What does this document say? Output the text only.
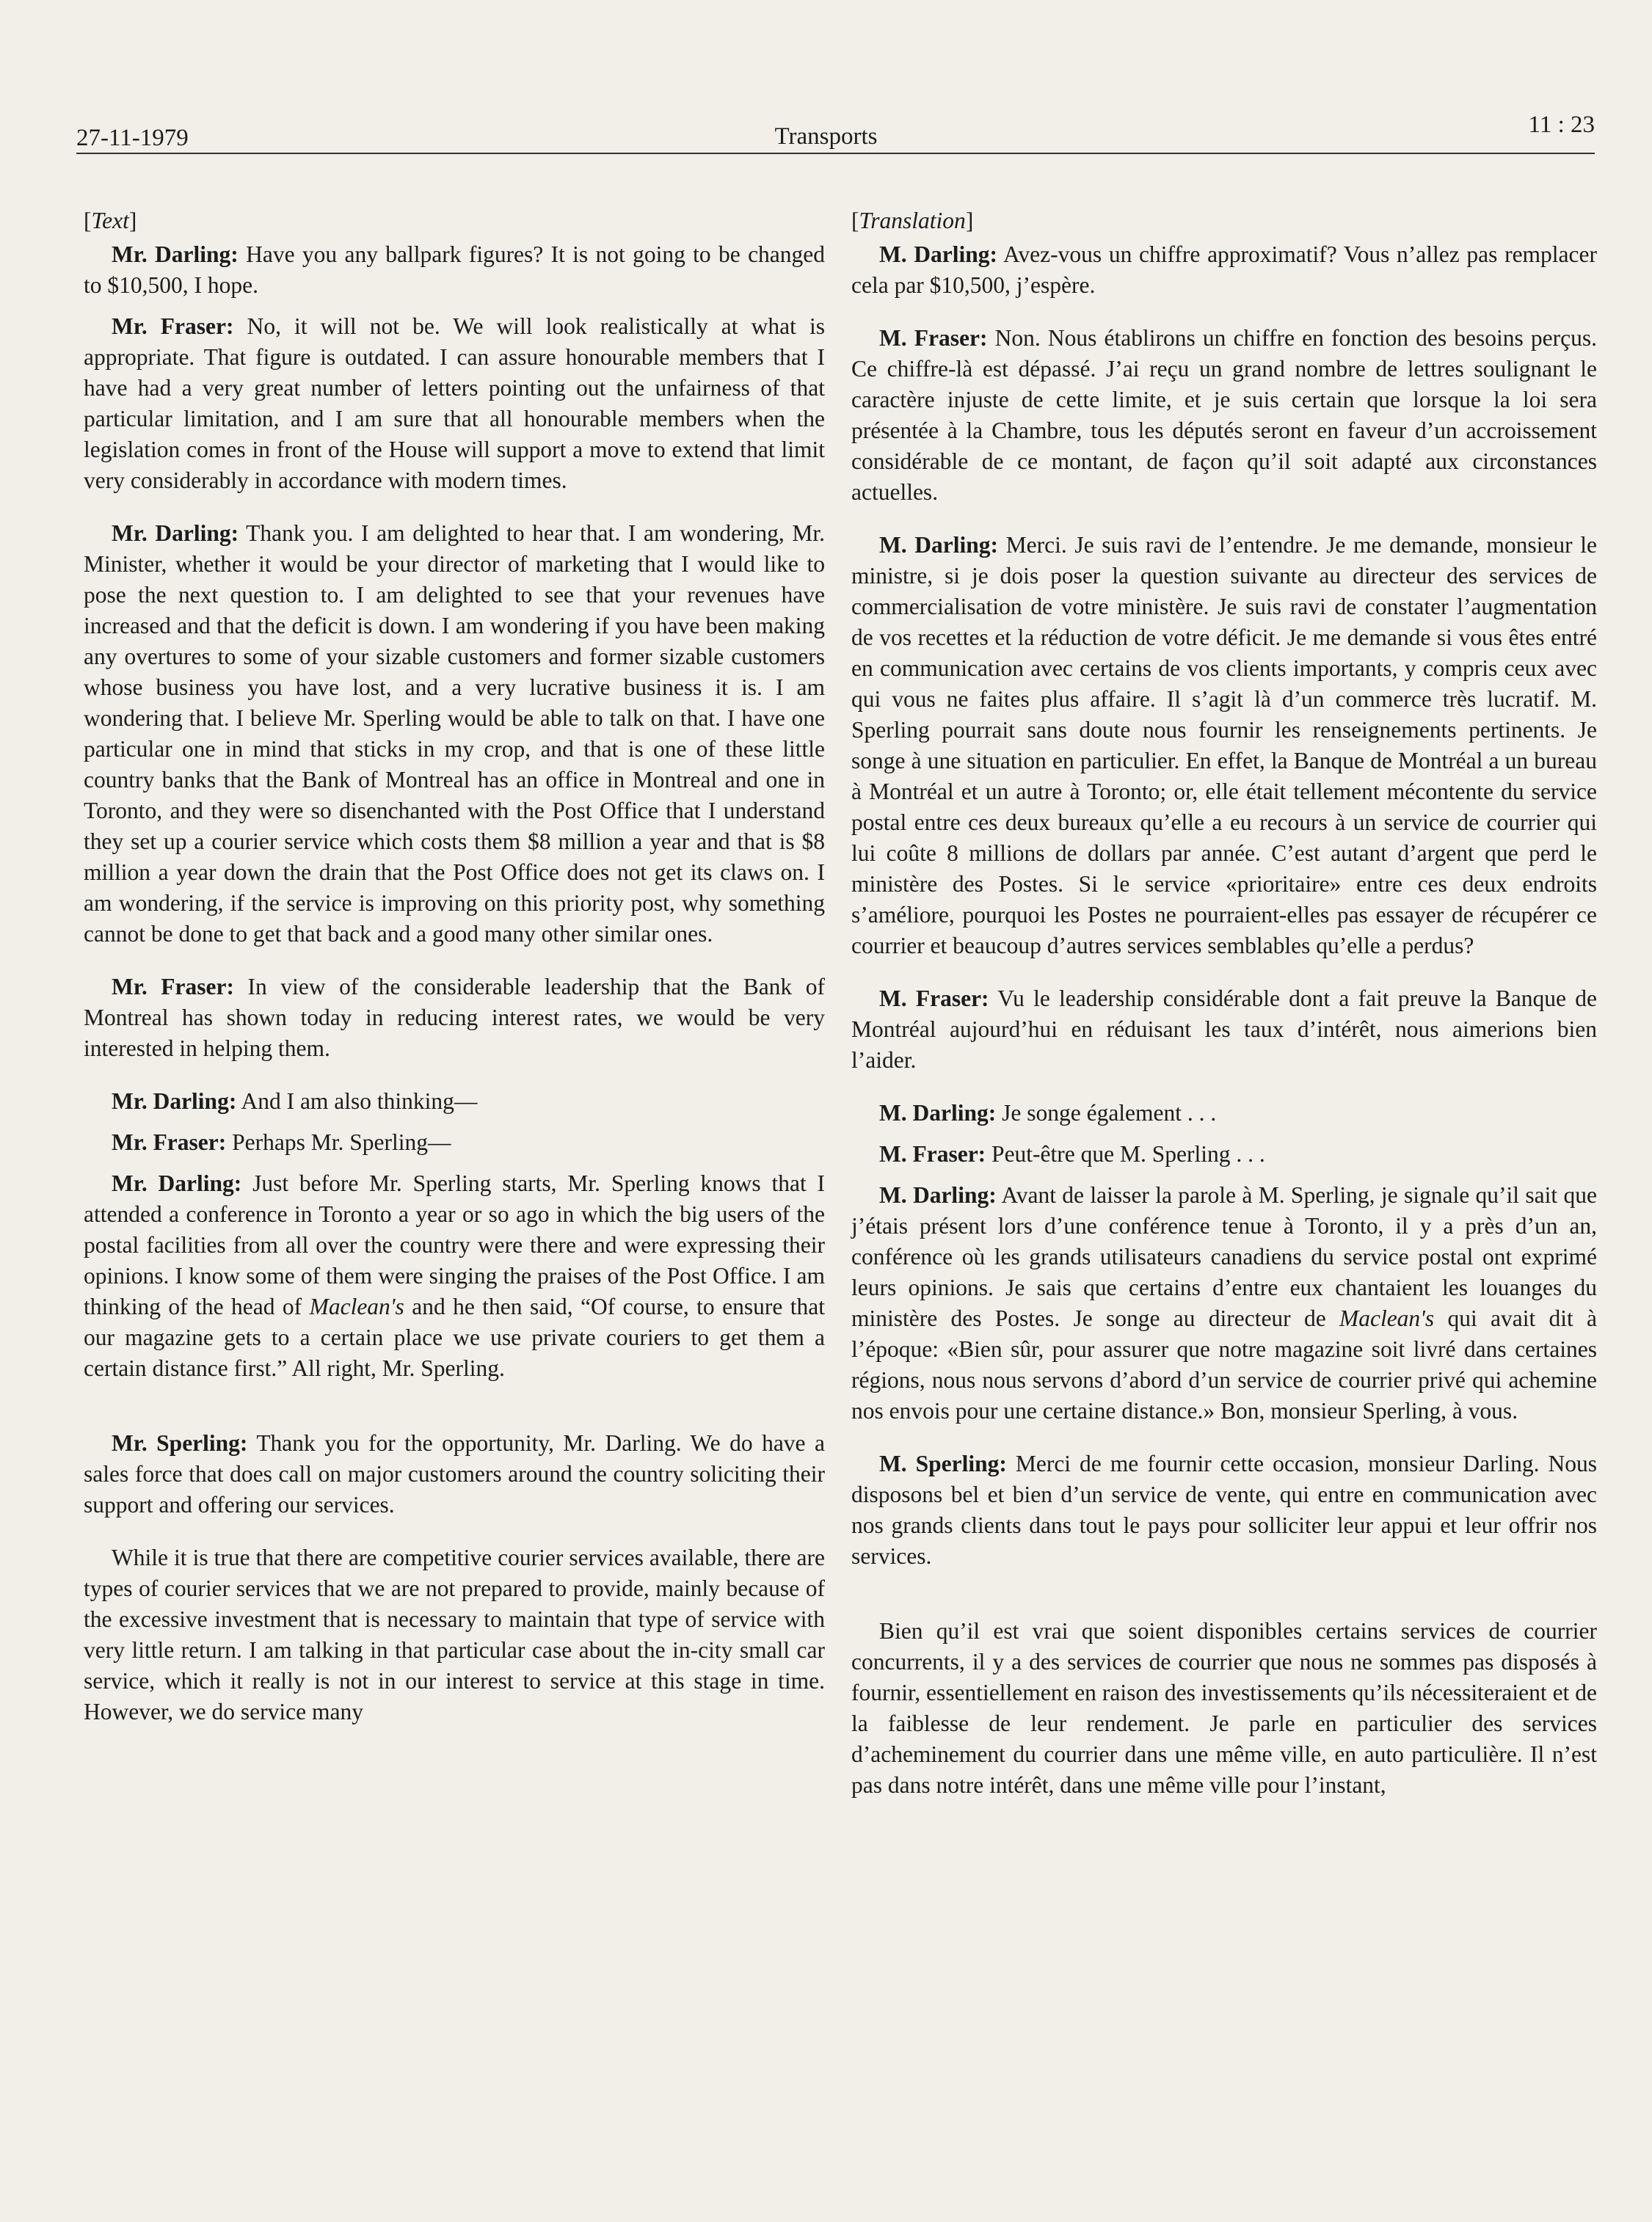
27-11-1979	Transports	11 : 23
[Text]

Mr. Darling: Have you any ballpark figures? It is not going to be changed to $10,500, I hope.

Mr. Fraser: No, it will not be. We will look realistically at what is appropriate. That figure is outdated. I can assure honourable members that I have had a very great number of letters pointing out the unfairness of that particular limitation, and I am sure that all honourable members when the legislation comes in front of the House will support a move to extend that limit very considerably in accordance with modern times.

Mr. Darling: Thank you. I am delighted to hear that. I am wondering, Mr. Minister, whether it would be your director of marketing that I would like to pose the next question to. I am delighted to see that your revenues have increased and that the deficit is down. I am wondering if you have been making any overtures to some of your sizable customers and former sizable customers whose business you have lost, and a very lucrative business it is. I am wondering that. I believe Mr. Sperling would be able to talk on that. I have one particular one in mind that sticks in my crop, and that is one of these little country banks that the Bank of Montreal has an office in Montreal and one in Toronto, and they were so disenchanted with the Post Office that I understand they set up a courier service which costs them $8 million a year and that is $8 million a year down the drain that the Post Office does not get its claws on. I am wondering, if the service is improving on this priority post, why something cannot be done to get that back and a good many other similar ones.

Mr. Fraser: In view of the considerable leadership that the Bank of Montreal has shown today in reducing interest rates, we would be very interested in helping them.

Mr. Darling: And I am also thinking—

Mr. Fraser: Perhaps Mr. Sperling—

Mr. Darling: Just before Mr. Sperling starts, Mr. Sperling knows that I attended a conference in Toronto a year or so ago in which the big users of the postal facilities from all over the country were there and were expressing their opinions. I know some of them were singing the praises of the Post Office. I am thinking of the head of Maclean's and he then said, “Of course, to ensure that our magazine gets to a certain place we use private couriers to get them a certain distance first.” All right, Mr. Sperling.

Mr. Sperling: Thank you for the opportunity, Mr. Darling. We do have a sales force that does call on major customers around the country soliciting their support and offering our services.

While it is true that there are competitive courier services available, there are types of courier services that we are not prepared to provide, mainly because of the excessive investment that is necessary to maintain that type of service with very little return. I am talking in that particular case about the in-city small car service, which it really is not in our interest to service at this stage in time. However, we do service many

[Translation]

M. Darling: Avez-vous un chiffre approximatif? Vous n’allez pas remplacer cela par $10,500, j’espère.

M. Fraser: Non. Nous établirons un chiffre en fonction des besoins perçus. Ce chiffre-là est dépassé. J’ai reçu un grand nombre de lettres soulignant le caractère injuste de cette limite, et je suis certain que lorsque la loi sera présentée à la Chambre, tous les députés seront en faveur d’un accroissement considérable de ce montant, de façon qu’il soit adapté aux circonstances actuelles.

M. Darling: Merci. Je suis ravi de l’entendre. Je me demande, monsieur le ministre, si je dois poser la question suivante au directeur des services de commercialisation de votre ministère. Je suis ravi de constater l’augmentation de vos recettes et la réduction de votre déficit. Je me demande si vous êtes entré en communication avec certains de vos clients importants, y compris ceux avec qui vous ne faites plus affaire. Il s’agit là d’un commerce très lucratif. M. Sperling pourrait sans doute nous fournir les renseignements pertinents. Je songe à une situation en particulier. En effet, la Banque de Montréal a un bureau à Montréal et un autre à Toronto; or, elle était tellement mécontente du service postal entre ces deux bureaux qu’elle a eu recours à un service de courrier qui lui coûte 8 millions de dollars par année. C’est autant d’argent que perd le ministère des Postes. Si le service «prioritaire» entre ces deux endroits s’améliore, pourquoi les Postes ne pourraient-elles pas essayer de récupérer ce courrier et beaucoup d’autres services semblables qu’elle a perdus?

M. Fraser: Vu le leadership considérable dont a fait preuve la Banque de Montréal aujourd’hui en réduisant les taux d’intérêt, nous aimerions bien l’aider.

M. Darling: Je songe également . . .

M. Fraser: Peut-être que M. Sperling . . .

M. Darling: Avant de laisser la parole à M. Sperling, je signale qu’il sait que j’étais présent lors d’une conférence tenue à Toronto, il y a près d’un an, conférence où les grands utilisateurs canadiens du service postal ont exprimé leurs opinions. Je sais que certains d’entre eux chantaient les louanges du ministère des Postes. Je songe au directeur de Maclean's qui avait dit à l’époque: «Bien sûr, pour assurer que notre magazine soit livré dans certaines régions, nous nous servons d’abord d’un service de courrier privé qui achemine nos envois pour une certaine distance.» Bon, monsieur Sperling, à vous.

M. Sperling: Merci de me fournir cette occasion, monsieur Darling. Nous disposons bel et bien d’un service de vente, qui entre en communication avec nos grands clients dans tout le pays pour solliciter leur appui et leur offrir nos services.

Bien qu’il est vrai que soient disponibles certains services de courrier concurrents, il y a des services de courrier que nous ne sommes pas disposés à fournir, essentiellement en raison des investissements qu’ils nécessiteraient et de la faiblesse de leur rendement. Je parle en particulier des services d’acheminement du courrier dans une même ville, en auto particulière. Il n’est pas dans notre intérêt, dans une même ville pour l’instant,
